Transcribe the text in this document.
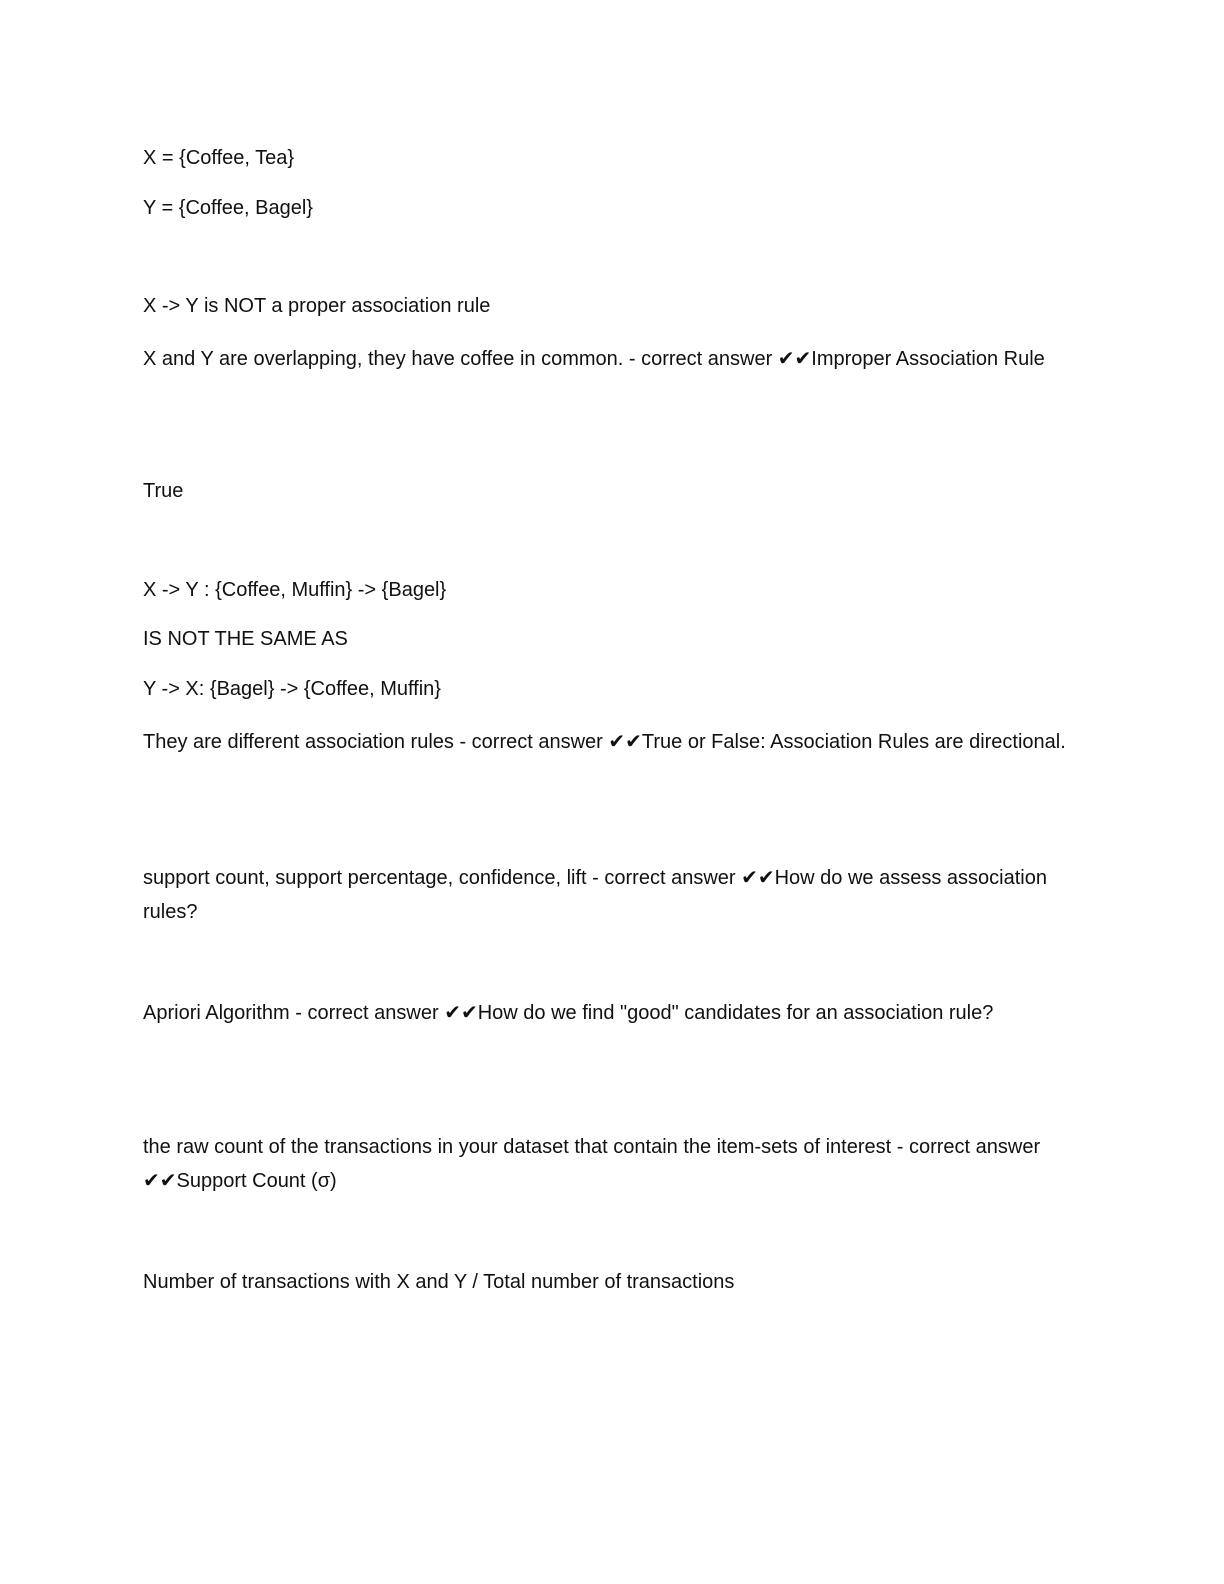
X = {Coffee, Tea}
Y = {Coffee, Bagel}
X -> Y is NOT a proper association rule
X and Y are overlapping, they have coffee in common. - correct answer ✔✔Improper Association Rule
True
X -> Y : {Coffee, Muffin} -> {Bagel}
IS NOT THE SAME AS
Y -> X: {Bagel} -> {Coffee, Muffin}
They are different association rules - correct answer ✔✔True or False: Association Rules are directional.
support count, support percentage, confidence, lift - correct answer ✔✔How do we assess association rules?
Apriori Algorithm - correct answer ✔✔How do we find "good" candidates for an association rule?
the raw count of the transactions in your dataset that contain the item-sets of interest - correct answer ✔✔Support Count (σ)
Number of transactions with X and Y / Total number of transactions
